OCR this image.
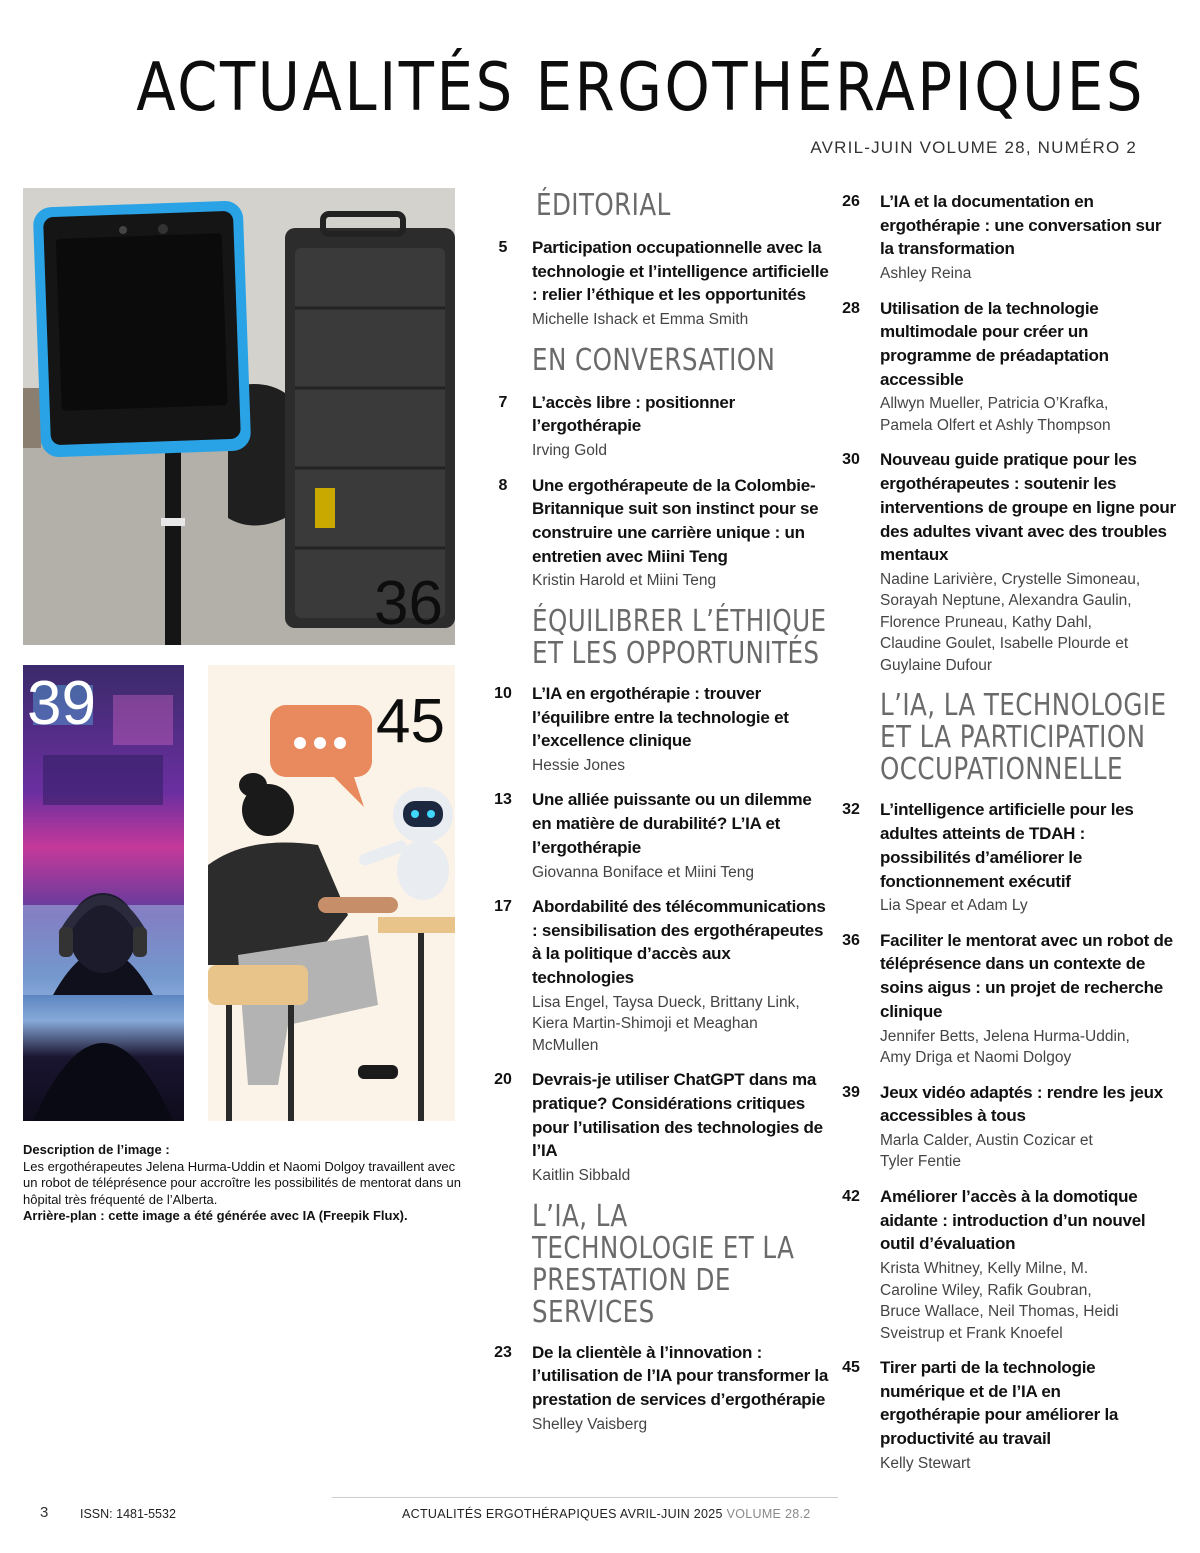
ACTUALITÉS ERGOTHÉRAPIQUES
AVRIL-JUIN VOLUME 28, NUMÉRO 2
36
39	45
Description de l’image :
Les ergothérapeutes Jelena Hurma-Uddin et Naomi Dolgoy travaillent avec un robot de téléprésence pour accroître les possibilités de mentorat dans un hôpital très fréquenté de l’Alberta.
Arrière-plan : cette image a été générée avec IA (Freepik Flux).
ÉDITORIAL
5	Participation occupationnelle avec la technologie et l’intelligence artificielle : relier l’éthique et les opportunités
Michelle Ishack et Emma Smith
EN CONVERSATION
7	L’accès libre : positionner l’ergothérapie
Irving Gold
8	Une ergothérapeute de la Colombie-Britannique suit son instinct pour se construire une carrière unique : un entretien avec Miini Teng
Kristin Harold et Miini Teng
ÉQUILIBRER L’ÉTHIQUE ET LES OPPORTUNITÉS
10 L’IA en ergothérapie : trouver l’équilibre entre la technologie et l’excellence clinique
Hessie Jones
13 Une alliée puissante ou un dilemme en matière de durabilité? L’IA et l’ergothérapie
Giovanna Boniface et Miini Teng
17 Abordabilité des télécommunications : sensibilisation des ergothérapeutes à la politique d’accès aux technologies
Lisa Engel, Taysa Dueck, Brittany Link, Kiera Martin-Shimoji et Meaghan McMullen
20 Devrais-je utiliser ChatGPT dans ma pratique? Considérations critiques pour l’utilisation des technologies de l’IA
Kaitlin Sibbald
L’IA, LA TECHNOLOGIE ET LA PRESTATION DE SERVICES
23 De la clientèle à l’innovation : l’utilisation de l’IA pour transformer la prestation de services d’ergothérapie
Shelley Vaisberg
26 L’IA et la documentation en ergothérapie : une conversation sur la transformation
Ashley Reina
28 Utilisation de la technologie multimodale pour créer un programme de préadaptation accessible
Allwyn Mueller, Patricia O’Krafka, Pamela Olfert et Ashly Thompson
30 Nouveau guide pratique pour les ergothérapeutes : soutenir les interventions de groupe en ligne pour des adultes vivant avec des troubles mentaux
Nadine Larivière, Crystelle Simoneau, Sorayah Neptune, Alexandra Gaulin, Florence Pruneau, Kathy Dahl, Claudine Goulet, Isabelle Plourde et Guylaine Dufour
L’IA, LA TECHNOLOGIE ET LA PARTICIPATION OCCUPATIONNELLE
32 L’intelligence artificielle pour les adultes atteints de TDAH : possibilités d’améliorer le fonctionnement exécutif
Lia Spear et Adam Ly
36 Faciliter le mentorat avec un robot de téléprésence dans un contexte de soins aigus : un projet de recherche clinique
Jennifer Betts, Jelena Hurma-Uddin, Amy Driga et Naomi Dolgoy
39 Jeux vidéo adaptés : rendre les jeux accessibles à tous
Marla Calder, Austin Cozicar et Tyler Fentie
42 Améliorer l’accès à la domotique aidante : introduction d’un nouvel outil d’évaluation
Krista Whitney, Kelly Milne, M. Caroline Wiley, Rafik Goubran, Bruce Wallace, Neil Thomas, Heidi Sveistrup et Frank Knoefel
45 Tirer parti de la technologie numérique et de l’IA en ergothérapie pour améliorer la productivité au travail
Kelly Stewart
3	ISSN: 1481-5532	ACTUALITÉS ERGOTHÉRAPIQUES AVRIL-JUIN 2025 VOLUME 28.2
